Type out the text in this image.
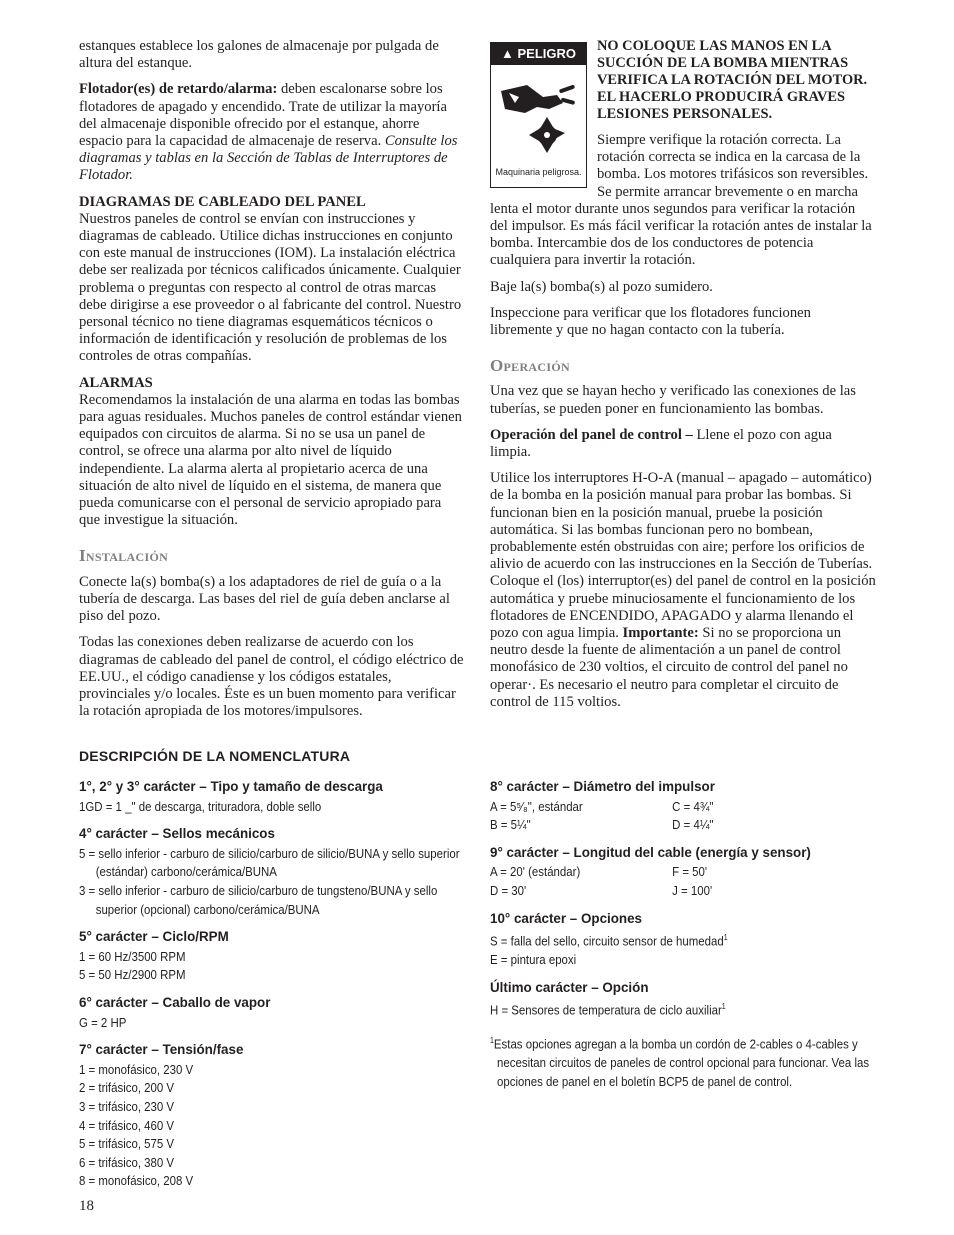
estanques establece los galones de almacenaje por pulgada de altura del estanque.

Flotador(es) de retardo/alarma: deben escalonarse sobre los flotadores de apagado y encendido. Trate de utilizar la mayoría del almacenaje disponible ofrecido por el estanque, ahorre espacio para la capacidad de almacenaje de reserva. Consulte los diagramas y tablas en la Sección de Tablas de Interruptores de Flotador.

DIAGRAMAS DE CABLEADO DEL PANEL

Nuestros paneles de control se envían con instrucciones y diagramas de cableado. Utilice dichas instrucciones en conjunto con este manual de instrucciones (IOM). La instalación eléctrica debe ser realizada por técnicos calificados únicamente. Cualquier problema o preguntas con respecto al control de otras marcas debe dirigirse a ese proveedor o al fabricante del control. Nuestro personal técnico no tiene diagramas esquemáticos técnicos o información de identificación y resolución de problemas de los controles de otras compañías.

ALARMAS

Recomendamos la instalación de una alarma en todas las bombas para aguas residuales. Muchos paneles de control estándar vienen equipados con circuitos de alarma. Si no se usa un panel de control, se ofrece una alarma por alto nivel de líquido independiente. La alarma alerta al propietario acerca de una situación de alto nivel de líquido en el sistema, de manera que pueda comunicarse con el personal de servicio apropiado para que investigue la situación.

Instalación

Conecte la(s) bomba(s) a los adaptadores de riel de guía o a la tubería de descarga. Las bases del riel de guía deben anclarse al piso del pozo.

Todas las conexiones deben realizarse de acuerdo con los diagramas de cableado del panel de control, el código eléctrico de EE.UU., el código canadiense y los códigos estatales, provinciales y/o locales. Éste es un buen momento para verificar la rotación apropiada de los motores/impulsores.

▲ PELIGRO
Maquinaria peligrosa.
NO COLOQUE LAS MANOS EN LA SUCCIÓN DE LA BOMBA MIENTRAS VERIFICA LA ROTACIÓN DEL MOTOR. EL HACERLO PRODUCIRÁ GRAVES LESIONES PERSONALES.

Siempre verifique la rotación correcta. La rotación correcta se indica en la carcasa de la bomba. Los motores trifásicos son reversibles. Se permite arrancar brevemente o en marcha lenta el motor durante unos segundos para verificar la rotación del impulsor. Es más fácil verificar la rotación antes de instalar la bomba. Intercambie dos de los conductores de potencia cualquiera para invertir la rotación.

Baje la(s) bomba(s) al pozo sumidero.

Inspeccione para verificar que los flotadores funcionen libremente y que no hagan contacto con la tubería.

Operación

Una vez que se hayan hecho y verificado las conexiones de las tuberías, se pueden poner en funcionamiento las bombas.

Operación del panel de control – Llene el pozo con agua limpia.

Utilice los interruptores H-O-A (manual – apagado – automático) de la bomba en la posición manual para probar las bombas. Si funcionan bien en la posición manual, pruebe la posición automática. Si las bombas funcionan pero no bombean, probablemente estén obstruidas con aire; perfore los orificios de alivio de acuerdo con las instrucciones en la Sección de Tuberías. Coloque el (los) interruptor(es) del panel de control en la posición automática y pruebe minuciosamente el funcionamiento de los flotadores de ENCENDIDO, APAGADO y alarma llenando el pozo con agua limpia. Importante: Si no se proporciona un neutro desde la fuente de alimentación a un panel de control monofásico de 230 voltios, el circuito de control del panel no operar·. Es necesario el neutro para completar el circuito de control de 115 voltios.

DESCRIPCIÓN DE LA NOMENCLATURA
1°, 2° y 3° carácter – Tipo y tamaño de descarga
1GD = 1 _" de descarga, trituradora, doble sello
4° carácter – Sellos mecánicos
5 = sello inferior - carburo de silicio/carburo de silicio/BUNA y sello superior (estándar) carbono/cerámica/BUNA
3 = sello inferior - carburo de silicio/carburo de tungsteno/BUNA y sello superior (opcional) carbono/cerámica/BUNA
5° carácter – Ciclo/RPM
1 = 60 Hz/3500 RPM
5 = 50 Hz/2900 RPM
6° carácter – Caballo de vapor
G = 2 HP
7° carácter – Tensión/fase
1 = monofásico, 230 V
2 = trifásico, 200 V
3 = trifásico, 230 V
4 = trifásico, 460 V
5 = trifásico, 575 V
6 = trifásico, 380 V
8 = monofásico, 208 V
8° carácter – Diámetro del impulsor
A = 5⁵⁄₈", estándar	C = 4¾"
B = 5¼"	D = 4¼"
9° carácter – Longitud del cable (energía y sensor)
A = 20' (estándar)	F = 50'
D = 30'	J = 100'
10° carácter – Opciones
S = falla del sello, circuito sensor de humedad$^1$
E = pintura epoxi
Último carácter – Opción
H = Sensores de temperatura de ciclo auxiliar$^1$
$^1$Estas opciones agregan a la bomba un cordón de 2-cables o 4-cables y necesitan circuitos de paneles de control opcional para funcionar. Vea las opciones de panel en el boletín BCP5 de panel de control.
18
